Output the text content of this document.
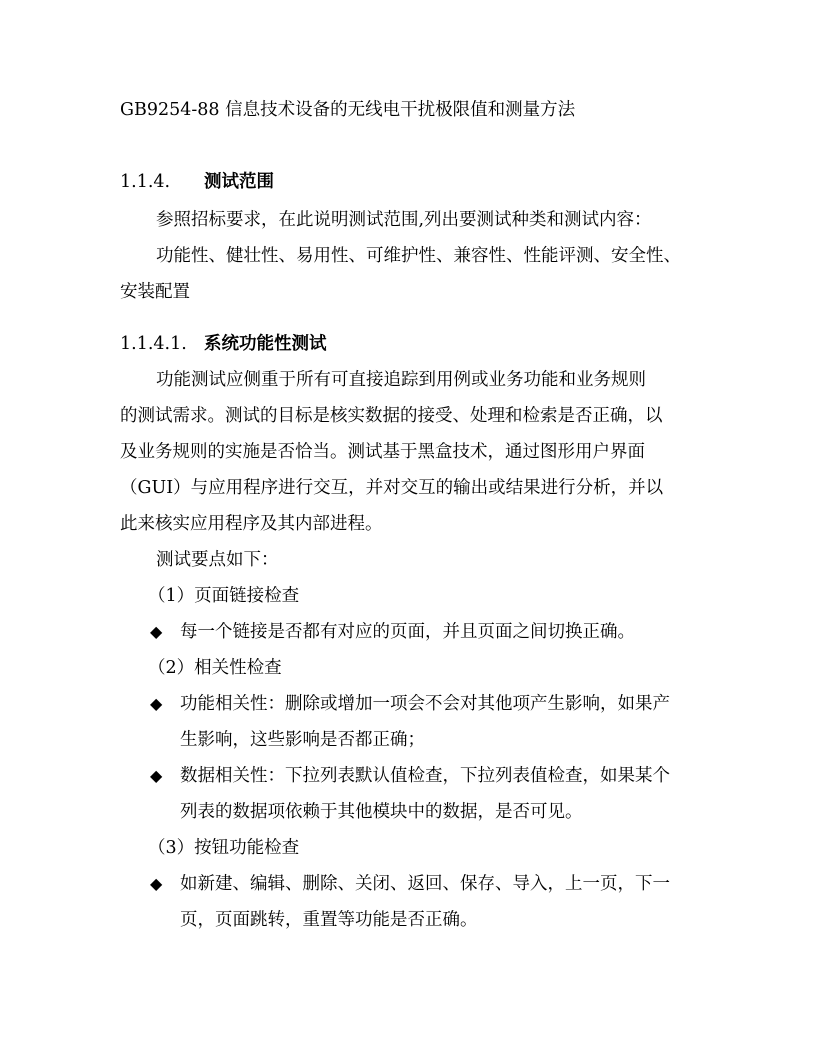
GB9254-88 信息技术设备的无线电干扰极限值和测量方法
1.1.4. 测试范围
参照招标要求，在此说明测试范围,列出要测试种类和测试内容：
功能性、健壮性、易用性、可维护性、兼容性、性能评测、安全性、
安装配置
1.1.4.1. 系统功能性测试
功能测试应侧重于所有可直接追踪到用例或业务功能和业务规则
的测试需求。测试的目标是核实数据的接受、处理和检索是否正确，以
及业务规则的实施是否恰当。测试基于黑盒技术，通过图形用户界面
（GUI）与应用程序进行交互，并对交互的输出或结果进行分析，并以
此来核实应用程序及其内部进程。
测试要点如下：
（1）页面链接检查
◆ 每一个链接是否都有对应的页面，并且页面之间切换正确。
（2）相关性检查
◆ 功能相关性：删除或增加一项会不会对其他项产生影响，如果产
生影响，这些影响是否都正确；
◆ 数据相关性：下拉列表默认值检查，下拉列表值检查，如果某个
列表的数据项依赖于其他模块中的数据，是否可见。
（3）按钮功能检查
◆ 如新建、编辑、删除、关闭、返回、保存、导入，上一页，下一
页，页面跳转，重置等功能是否正确。
